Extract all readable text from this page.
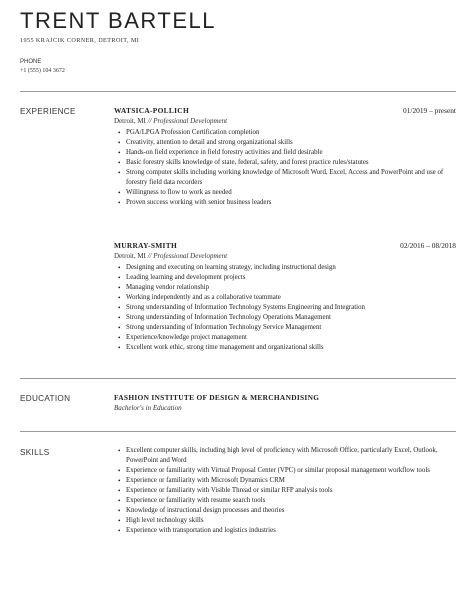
TRENT BARTELL
1955 KRAJCIK CORNER, DETROIT, MI
PHONE
+1 (555) 104 3672
EXPERIENCE	WATSICA-POLLICH	01/2019 – present
Detroit, MI // Professional Development
• PGA/LPGA Profession Certification completion
• Creativity, attention to detail and strong organizational skills
• Hands-on field experience in field forestry activities and field desirable
• Basic forestry skills knowledge of state, federal, safety, and forest practice rules/statutes
• Strong computer skills including working knowledge of Microsoft Word, Excel, Access and PowerPoint and use of forestry field data recorders
• Willingness to flow to work as needed
• Proven success working with senior business leaders
MURRAY-SMITH	02/2016 – 08/2018
Detroit, MI // Professional Development
• Designing and executing on learning strategy, including instructional design
• Leading learning and development projects
• Managing vendor relationship
• Working independently and as a collaborative teammate
• Strong understanding of Information Technology Systems Engineering and Integration
• Strong understanding of Information Technology Operations Management
• Strong understanding of Information Technology Service Management
• Experience/knowledge project management
• Excellent work ethic, strong time management and organizational skills
EDUCATION	FASHION INSTITUTE OF DESIGN & MERCHANDISING
Bachelor's in Education
SKILLS
•	Excellent computer skills, including high level of proficiency with Microsoft Office, particularly Excel, Outlook, PowerPoint and Word
• Experience or familiarity with Virtual Proposal Center (VPC) or similar proposal management workflow tools
• Experience or familiarity with Microsoft Dynamics CRM
• Experience or familiarity with Visible Thread or similar RFP analysis tools
• Experience or familiarity with resume search tools
• Knowledge of instructional design processes and theories
• High level technology skills
• Experience with transportation and logistics industries
